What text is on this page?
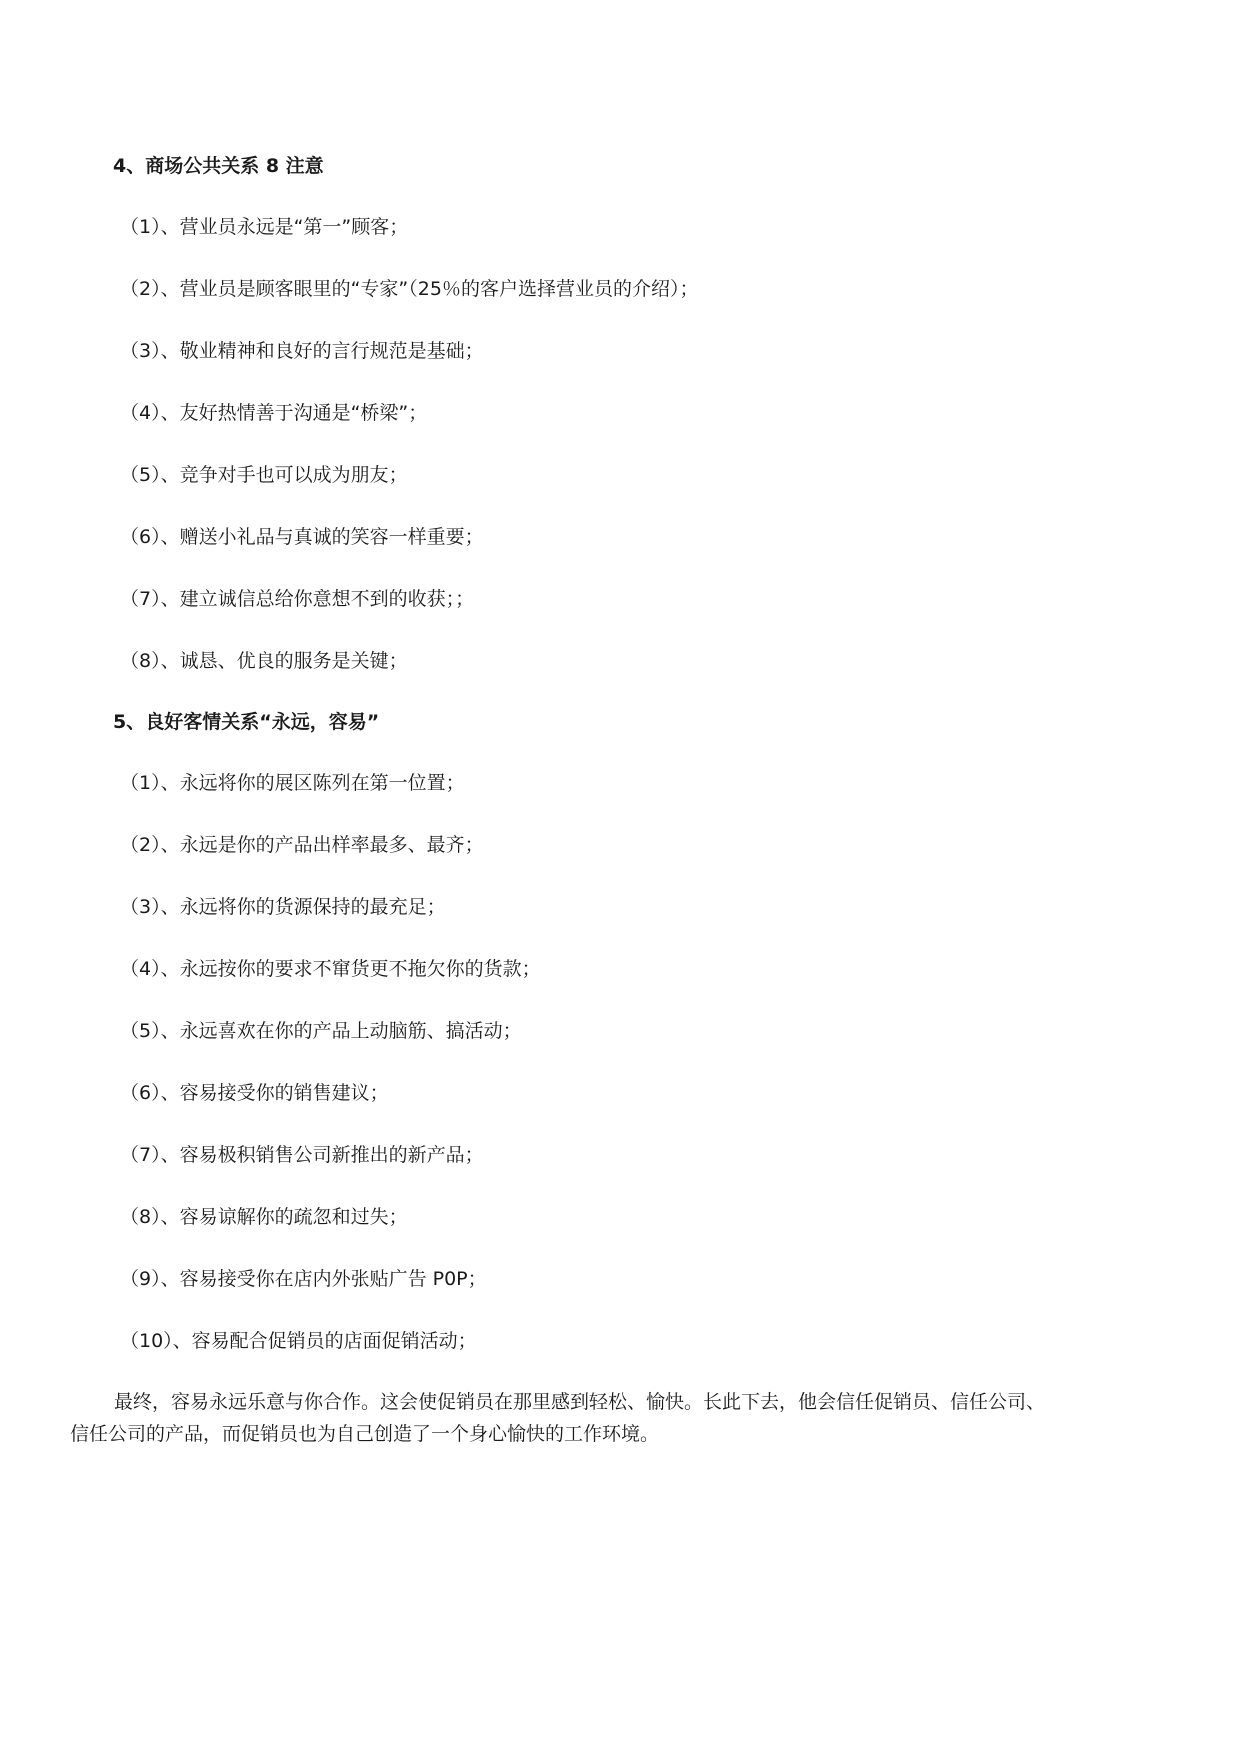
4、商场公共关系 8 注意
（1）、营业员永远是“第一”顾客；
（2）、营业员是顾客眼里的“专家”（25％的客户选择营业员的介绍）；
（3）、敬业精神和良好的言行规范是基础；
（4）、友好热情善于沟通是“桥梁”；
（5）、竞争对手也可以成为朋友；
（6）、赠送小礼品与真诚的笑容一样重要；
（7）、建立诚信总给你意想不到的收获；；
（8）、诚恳、优良的服务是关键；
5、良好客情关系“永远，容易”
（1）、永远将你的展区陈列在第一位置；
（2）、永远是你的产品出样率最多、最齐；
（3）、永远将你的货源保持的最充足；
（4）、永远按你的要求不窜货更不拖欠你的货款；
（5）、永远喜欢在你的产品上动脑筋、搞活动；
（6）、容易接受你的销售建议；
（7）、容易极积销售公司新推出的新产品；
（8）、容易谅解你的疏忽和过失；
（9）、容易接受你在店内外张贴广告 P0P；
（10）、容易配合促销员的店面促销活动；
最终，容易永远乐意与你合作。这会使促销员在那里感到轻松、愉快。长此下去，他会信任促销员、信任公司、
信任公司的产品，而促销员也为自己创造了一个身心愉快的工作环境。
